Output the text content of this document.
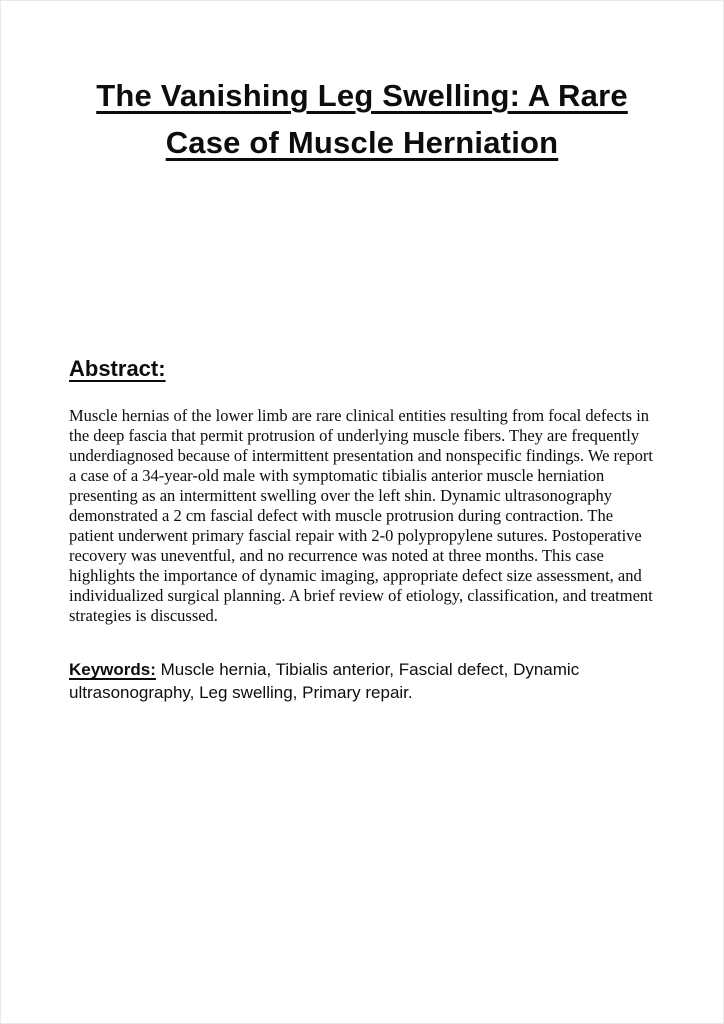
The Vanishing Leg Swelling: A Rare Case of Muscle Herniation
Abstract:

Muscle hernias of the lower limb are rare clinical entities resulting from focal defects in the deep fascia that permit protrusion of underlying muscle fibers. They are frequently underdiagnosed because of intermittent presentation and nonspecific findings. We report a case of a 34-year-old male with symptomatic tibialis anterior muscle herniation presenting as an intermittent swelling over the left shin. Dynamic ultrasonography demonstrated a 2 cm fascial defect with muscle protrusion during contraction. The patient underwent primary fascial repair with 2-0 polypropylene sutures. Postoperative recovery was uneventful, and no recurrence was noted at three months. This case highlights the importance of dynamic imaging, appropriate defect size assessment, and individualized surgical planning. A brief review of etiology, classification, and treatment strategies is discussed.

Keywords: Muscle hernia, Tibialis anterior, Fascial defect, Dynamic ultrasonography, Leg swelling, Primary repair.
